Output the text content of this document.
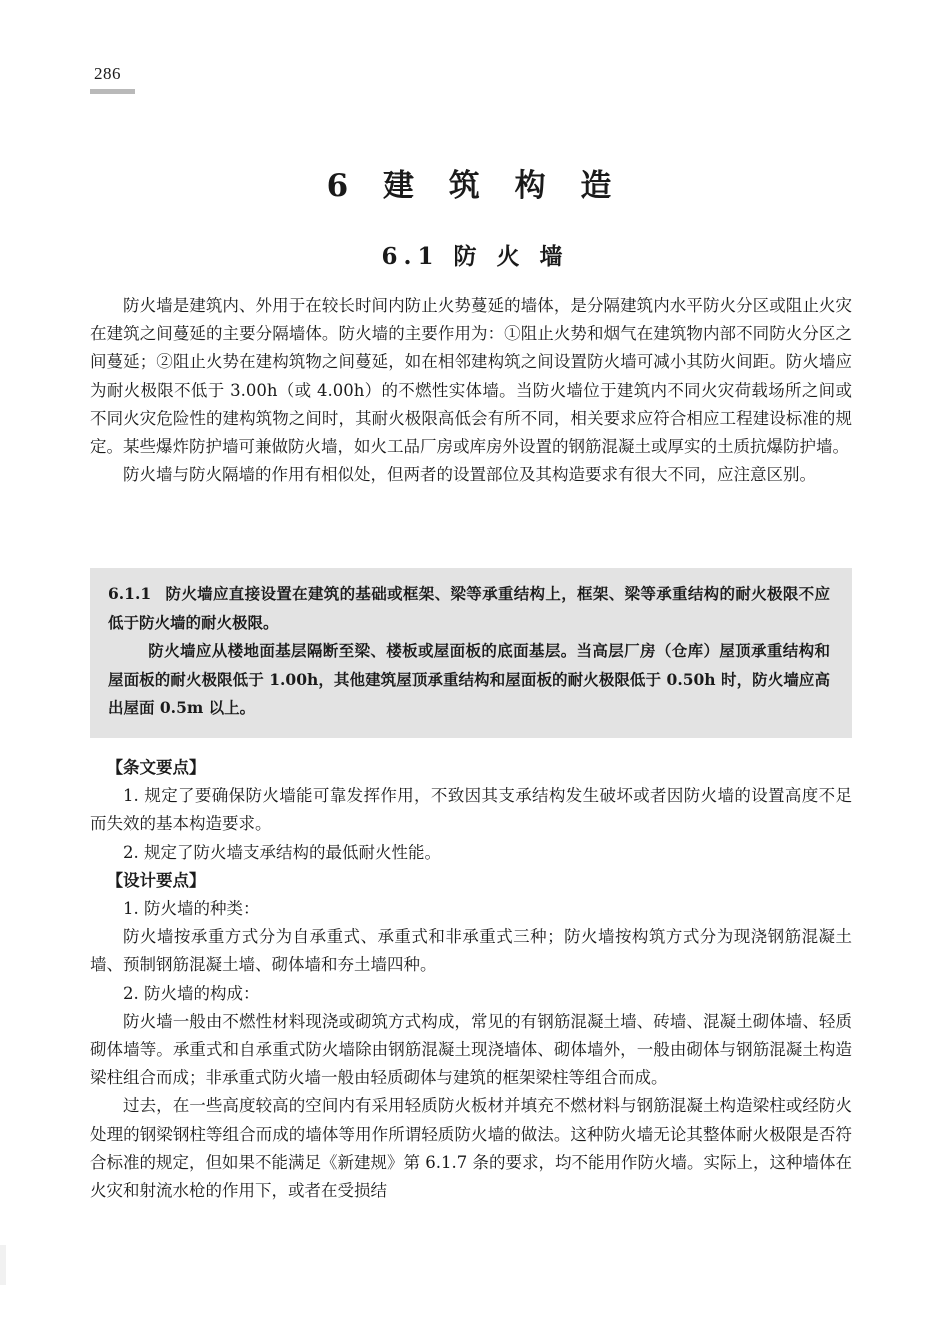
286
6 建 筑 构 造
6.1 防 火 墙

防火墙是建筑内、外用于在较长时间内防止火势蔓延的墙体，是分隔建筑内水平防火分区或阻止火灾在建筑之间蔓延的主要分隔墙体。防火墙的主要作用为：①阻止火势和烟气在建筑物内部不同防火分区之间蔓延；②阻止火势在建构筑物之间蔓延，如在相邻建构筑之间设置防火墙可减小其防火间距。防火墙应为耐火极限不低于 3.00h（或 4.00h）的不燃性实体墙。当防火墙位于建筑内不同火灾荷载场所之间或不同火灾危险性的建构筑物之间时，其耐火极限高低会有所不同，相关要求应符合相应工程建设标准的规定。某些爆炸防护墙可兼做防火墙，如火工品厂房或库房外设置的钢筋混凝土或厚实的土质抗爆防护墙。

防火墙与防火隔墙的作用有相似处，但两者的设置部位及其构造要求有很大不同，应注意区别。

6.1.1 防火墙应直接设置在建筑的基础或框架、梁等承重结构上，框架、梁等承重结构的耐火极限不应低于防火墙的耐火极限。

防火墙应从楼地面基层隔断至梁、楼板或屋面板的底面基层。当高层厂房（仓库）屋顶承重结构和屋面板的耐火极限低于 1.00h，其他建筑屋顶承重结构和屋面板的耐火极限低于 0.50h 时，防火墙应高出屋面 0.5m 以上。

【条文要点】

1. 规定了要确保防火墙能可靠发挥作用，不致因其支承结构发生破坏或者因防火墙的设置高度不足而失效的基本构造要求。

2. 规定了防火墙支承结构的最低耐火性能。

【设计要点】

1. 防火墙的种类：

防火墙按承重方式分为自承重式、承重式和非承重式三种；防火墙按构筑方式分为现浇钢筋混凝土墙、预制钢筋混凝土墙、砌体墙和夯土墙四种。

2. 防火墙的构成：

防火墙一般由不燃性材料现浇或砌筑方式构成，常见的有钢筋混凝土墙、砖墙、混凝土砌体墙、轻质砌体墙等。承重式和自承重式防火墙除由钢筋混凝土现浇墙体、砌体墙外，一般由砌体与钢筋混凝土构造梁柱组合而成；非承重式防火墙一般由轻质砌体与建筑的框架梁柱等组合而成。

过去，在一些高度较高的空间内有采用轻质防火板材并填充不燃材料与钢筋混凝土构造梁柱或经防火处理的钢梁钢柱等组合而成的墙体等用作所谓轻质防火墙的做法。这种防火墙无论其整体耐火极限是否符合标准的规定，但如果不能满足《新建规》第 6.1.7 条的要求，均不能用作防火墙。实际上，这种墙体在火灾和射流水枪的作用下，或者在受损结
